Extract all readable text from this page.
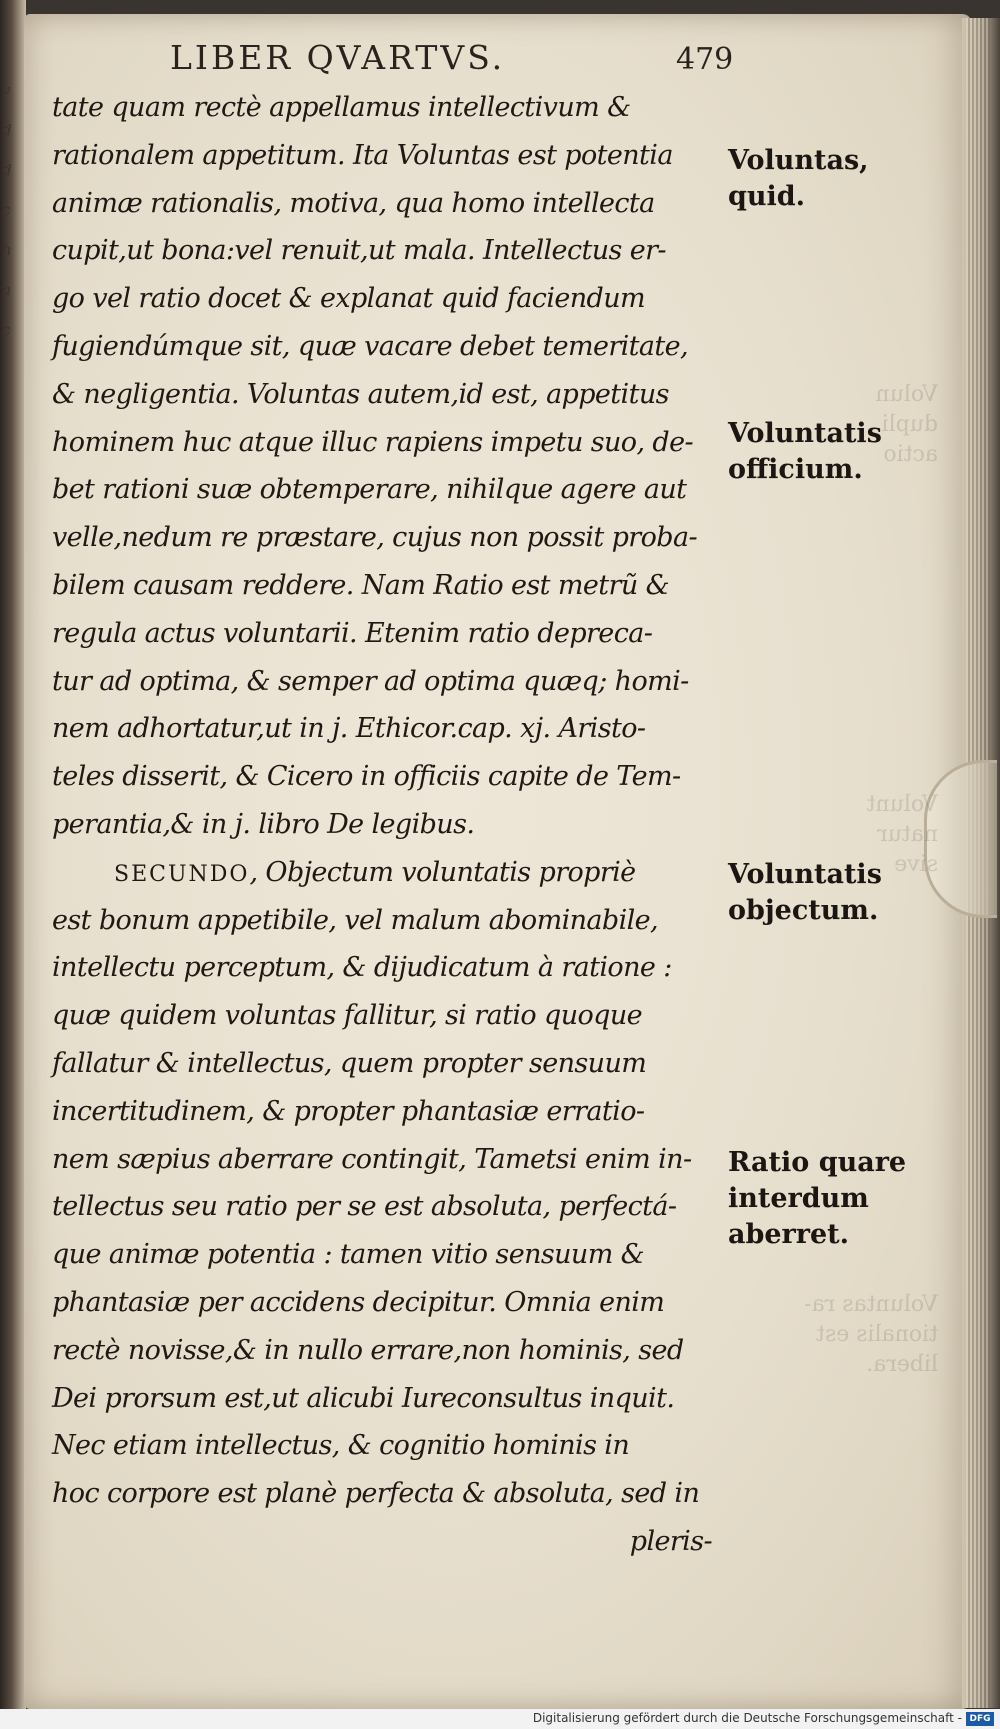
v
d
d
c
h
a
c
Volun
dupli
actio
Volunt
natur
sive
Voluntas ra-
tionalis est
libera.
LIBER QVARTVS.	479
tate quam rectè appellamus intellectivum &
rationalem appetitum. Ita Voluntas est potentia
animæ rationalis, motiva, qua homo intellecta
cupit,ut bona:vel renuit,ut mala. Intellectus er-
go vel ratio docet & explanat quid faciendum
fugiendúmque sit, quæ vacare debet temeritate,
& negligentia. Voluntas autem,id est, appetitus
hominem huc atque illuc rapiens impetu suo, de-
bet rationi suæ obtemperare, nihilque agere aut
velle,nedum re præstare, cujus non possit proba-
bilem causam reddere. Nam Ratio est metrũ &
regula actus voluntarii. Etenim ratio depreca-
tur ad optima, & semper ad optima quæq; homi-
nem adhortatur,ut in j. Ethicor.cap. xj. Aristo-
teles disserit, & Cicero in officiis capite de Tem-
perantia,& in j. libro De legibus.
SECUNDO, Objectum voluntatis propriè
est bonum appetibile, vel malum abominabile,
intellectu perceptum, & dijudicatum à ratione :
quæ quidem voluntas fallitur, si ratio quoque
fallatur & intellectus, quem propter sensuum
incertitudinem, & propter phantasiæ erratio-
nem sæpius aberrare contingit, Tametsi enim in-
tellectus seu ratio per se est absoluta, perfectá-
que animæ potentia : tamen vitio sensuum &
phantasiæ per accidens decipitur. Omnia enim
rectè novisse,& in nullo errare,non hominis, sed
Dei prorsum est,ut alicubi Iureconsultus inquit.
Nec etiam intellectus, & cognitio hominis in
hoc corpore est planè perfecta & absoluta, sed in
pleris-
Voluntas,
quid.
Voluntatis
officium.
Voluntatis
objectum.
Ratio quare
interdum
aberret.
Digitalisierung gefördert durch die Deutsche Forschungsgemeinschaft - DFG
